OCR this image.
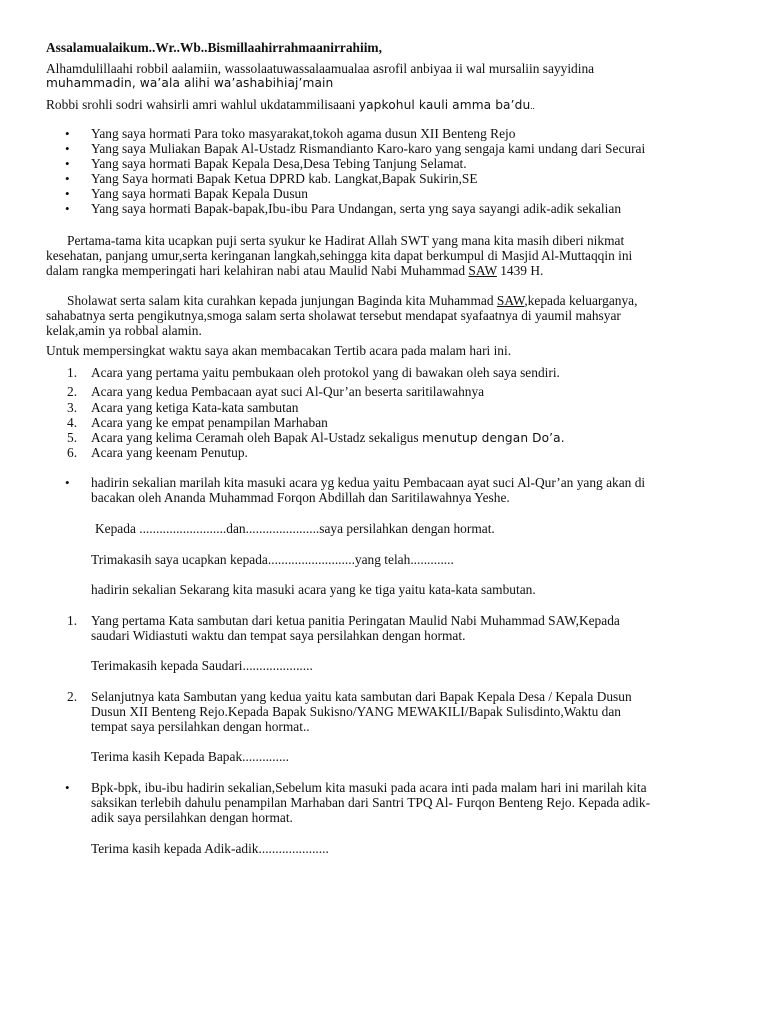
Assalamualaikum..Wr..Wb..Bismillaahirrahmaanirrahiim,
Alhamdulillaahi robbil aalamiin, wassolaatuwassalaamualaa asrofil anbiyaa ii wal mursaliin sayyidina
muhammadin, wa’ala alihi wa’ashabihiaj’main
Robbi srohli sodri wahsirli amri wahlul ukdatammilisaani yapkohul kauli amma ba’du..
• Yang saya hormati Para toko masyarakat,tokoh agama dusun XII Benteng Rejo
• Yang saya Muliakan Bapak Al-Ustadz Rismandianto Karo-karo yang sengaja kami undang dari Securai
• Yang saya hormati Bapak Kepala Desa,Desa Tebing Tanjung Selamat.
• Yang Saya hormati Bapak Ketua DPRD kab. Langkat,Bapak Sukirin,SE
• Yang saya hormati Bapak Kepala Dusun
• Yang saya hormati Bapak-bapak,Ibu-ibu Para Undangan, serta yng saya sayangi adik-adik sekalian
Pertama-tama kita ucapkan puji serta syukur ke Hadirat Allah SWT yang mana kita masih diberi nikmat
kesehatan, panjang umur,serta keringanan langkah,sehingga kita dapat berkumpul di Masjid Al-Muttaqqin ini
dalam rangka memperingati hari kelahiran nabi atau Maulid Nabi Muhammad SAW 1439 H.
Sholawat serta salam kita curahkan kepada junjungan Baginda kita Muhammad SAW,kepada keluarganya,
sahabatnya serta pengikutnya,smoga salam serta sholawat tersebut mendapat syafaatnya di yaumil mahsyar
kelak,amin ya robbal alamin.
Untuk mempersingkat waktu saya akan membacakan Tertib acara pada malam hari ini.
1. Acara yang pertama yaitu pembukaan oleh protokol yang di bawakan oleh saya sendiri.
2. Acara yang kedua Pembacaan ayat suci Al-Qur’an beserta saritilawahnya
3. Acara yang ketiga Kata-kata sambutan
4. Acara yang ke empat penampilan Marhaban
5. Acara yang kelima Ceramah oleh Bapak Al-Ustadz sekaligus menutup dengan Do’a.
6. Acara yang keenam Penutup.
• hadirin sekalian marilah kita masuki acara yg kedua yaitu Pembacaan ayat suci Al-Qur’an yang akan di
bacakan oleh Ananda Muhammad Forqon Abdillah dan Saritilawahnya Yeshe.
Kepada ..........................dan......................saya persilahkan dengan hormat.
Trimakasih saya ucapkan kepada..........................yang telah.............
hadirin sekalian Sekarang kita masuki acara yang ke tiga yaitu kata-kata sambutan.
1. Yang pertama Kata sambutan dari ketua panitia Peringatan Maulid Nabi Muhammad SAW,Kepada
saudari Widiastuti waktu dan tempat saya persilahkan dengan hormat.
Terimakasih kepada Saudari.....................
2. Selanjutnya kata Sambutan yang kedua yaitu kata sambutan dari Bapak Kepala Desa / Kepala Dusun
Dusun XII Benteng Rejo.Kepada Bapak Sukisno/YANG MEWAKILI/Bapak Sulisdinto,Waktu dan
tempat saya persilahkan dengan hormat..
Terima kasih Kepada Bapak..............
• Bpk-bpk, ibu-ibu hadirin sekalian,Sebelum kita masuki pada acara inti pada malam hari ini marilah kita
saksikan terlebih dahulu penampilan Marhaban dari Santri TPQ Al- Furqon Benteng Rejo. Kepada adik-
adik saya persilahkan dengan hormat.
Terima kasih kepada Adik-adik.....................
